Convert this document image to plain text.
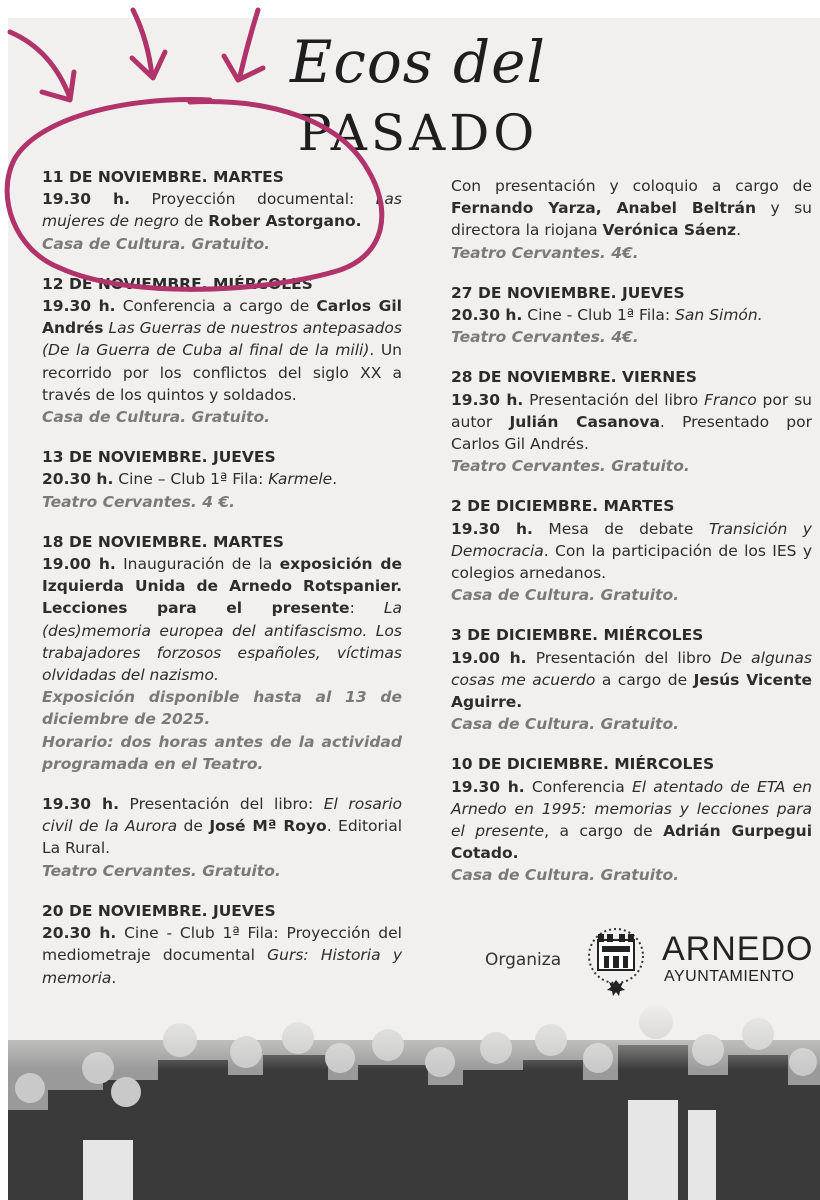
Ecos del
PASADO
11 DE NOVIEMBRE. MARTES
19.30 h. Proyección documental: Las mujeres de negro de Rober Astorgano.
Casa de Cultura. Gratuito.
12 DE NOVIEMBRE. MIÉRCOLES
19.30 h. Conferencia a cargo de Carlos Gil Andrés Las Guerras de nuestros antepasados (De la Guerra de Cuba al final de la mili). Un recorrido por los conflictos del siglo XX a través de los quintos y soldados.
Casa de Cultura. Gratuito.
13 DE NOVIEMBRE. JUEVES
20.30 h. Cine – Club 1ª Fila: Karmele.
Teatro Cervantes. 4 €.
18 DE NOVIEMBRE. MARTES
19.00 h. Inauguración de la exposición de Izquierda Unida de Arnedo Rotspanier. Lecciones para el presente: La (des)memoria europea del antifascismo. Los trabajadores forzosos españoles, víctimas olvidadas del nazismo.
Exposición disponible hasta al 13 de diciembre de 2025.
Horario: dos horas antes de la actividad programada en el Teatro.
19.30 h. Presentación del libro: El rosario civil de la Aurora de José Mª Royo. Editorial La Rural.
Teatro Cervantes. Gratuito.
20 DE NOVIEMBRE. JUEVES
20.30 h. Cine - Club 1ª Fila: Proyección del mediometraje documental Gurs: Historia y memoria.
Con presentación y coloquio a cargo de Fernando Yarza, Anabel Beltrán y su directora la riojana Verónica Sáenz.
Teatro Cervantes. 4€.
27 DE NOVIEMBRE. JUEVES
20.30 h. Cine - Club 1ª Fila: San Simón.
Teatro Cervantes. 4€.
28 DE NOVIEMBRE. VIERNES
19.30 h. Presentación del libro Franco por su autor Julián Casanova. Presentado por Carlos Gil Andrés.
Teatro Cervantes. Gratuito.
2 DE DICIEMBRE. MARTES
19.30 h. Mesa de debate Transición y Democracia. Con la participación de los IES y colegios arnedanos.
Casa de Cultura. Gratuito.
3 DE DICIEMBRE. MIÉRCOLES
19.00 h. Presentación del libro De algunas cosas me acuerdo a cargo de Jesús Vicente Aguirre.
Casa de Cultura. Gratuito.
10 DE DICIEMBRE. MIÉRCOLES
19.30 h. Conferencia El atentado de ETA en Arnedo en 1995: memorias y lecciones para el presente, a cargo de Adrián Gurpegui Cotado.
Casa de Cultura. Gratuito.
Organiza	ARNEDO
AYUNTAMIENTO
